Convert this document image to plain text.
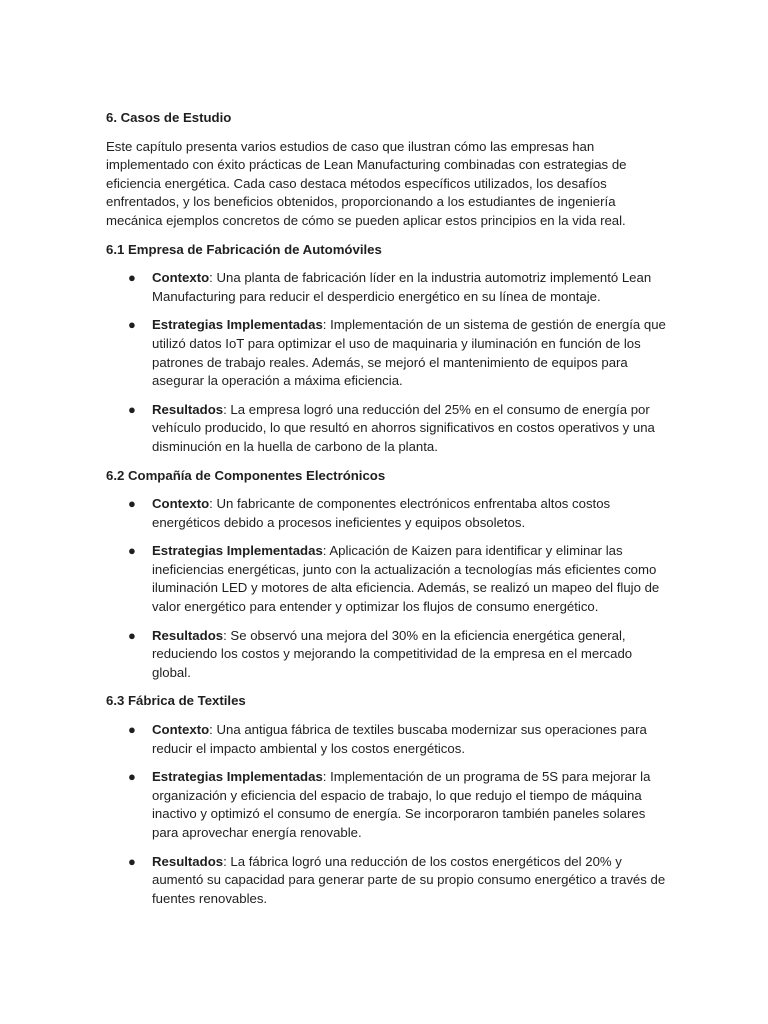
6. Casos de Estudio

Este capítulo presenta varios estudios de caso que ilustran cómo las empresas han implementado con éxito prácticas de Lean Manufacturing combinadas con estrategias de eficiencia energética. Cada caso destaca métodos específicos utilizados, los desafíos enfrentados, y los beneficios obtenidos, proporcionando a los estudiantes de ingeniería mecánica ejemplos concretos de cómo se pueden aplicar estos principios en la vida real.

6.1 Empresa de Fabricación de Automóviles
● Contexto: Una planta de fabricación líder en la industria automotriz implementó Lean Manufacturing para reducir el desperdicio energético en su línea de montaje.
● Estrategias Implementadas: Implementación de un sistema de gestión de energía que utilizó datos IoT para optimizar el uso de maquinaria y iluminación en función de los patrones de trabajo reales. Además, se mejoró el mantenimiento de equipos para asegurar la operación a máxima eficiencia.
● Resultados: La empresa logró una reducción del 25% en el consumo de energía por vehículo producido, lo que resultó en ahorros significativos en costos operativos y una disminución en la huella de carbono de la planta.
6.2 Compañía de Componentes Electrónicos
● Contexto: Un fabricante de componentes electrónicos enfrentaba altos costos energéticos debido a procesos ineficientes y equipos obsoletos.
● Estrategias Implementadas: Aplicación de Kaizen para identificar y eliminar las ineficiencias energéticas, junto con la actualización a tecnologías más eficientes como iluminación LED y motores de alta eficiencia. Además, se realizó un mapeo del flujo de valor energético para entender y optimizar los flujos de consumo energético.
● Resultados: Se observó una mejora del 30% en la eficiencia energética general, reduciendo los costos y mejorando la competitividad de la empresa en el mercado global.
6.3 Fábrica de Textiles
● Contexto: Una antigua fábrica de textiles buscaba modernizar sus operaciones para reducir el impacto ambiental y los costos energéticos.
● Estrategias Implementadas: Implementación de un programa de 5S para mejorar la organización y eficiencia del espacio de trabajo, lo que redujo el tiempo de máquina inactivo y optimizó el consumo de energía. Se incorporaron también paneles solares para aprovechar energía renovable.
● Resultados: La fábrica logró una reducción de los costos energéticos del 20% y aumentó su capacidad para generar parte de su propio consumo energético a través de fuentes renovables.
